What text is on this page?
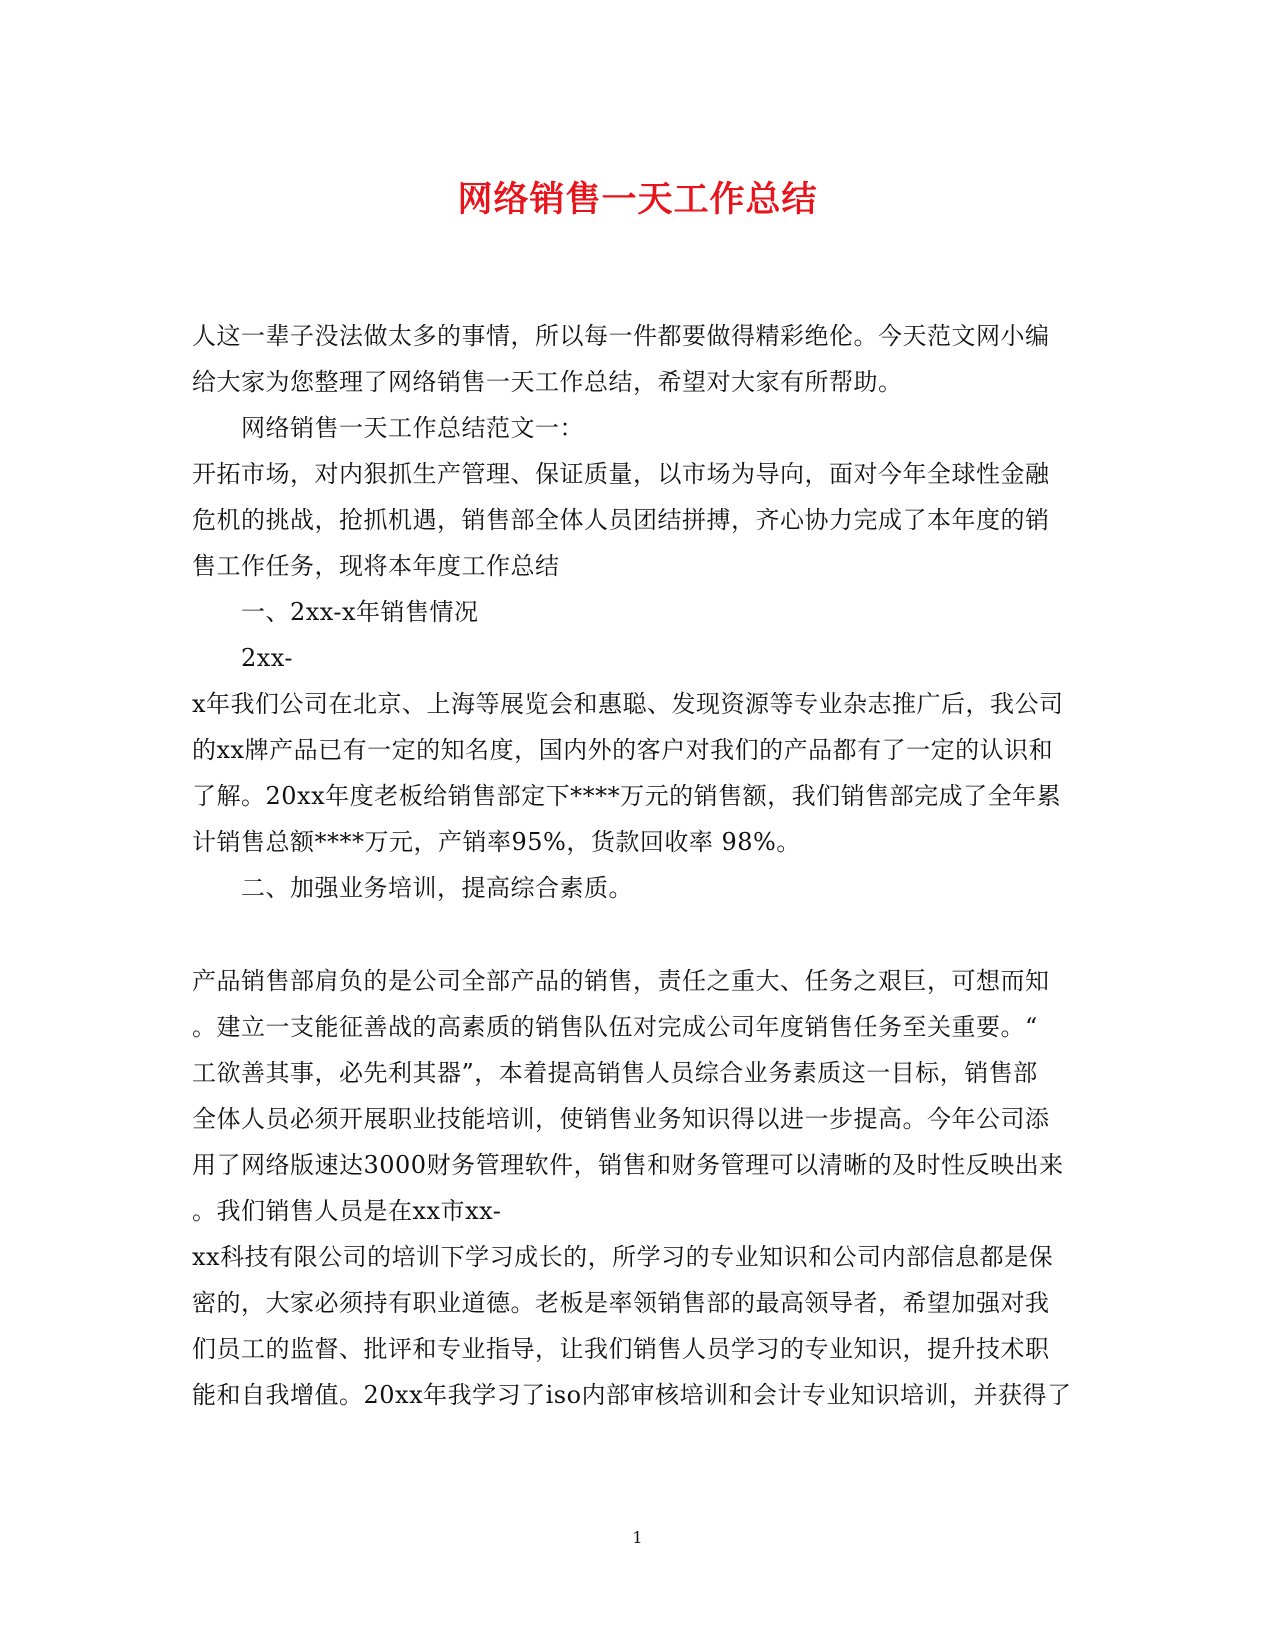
网络销售一天工作总结
人这一辈子没法做太多的事情，所以每一件都要做得精彩绝伦。今天范文网小编
给大家为您整理了网络销售一天工作总结，希望对大家有所帮助。
网络销售一天工作总结范文一：
开拓市场，对内狠抓生产管理、保证质量，以市场为导向，面对今年全球性金融
危机的挑战，抢抓机遇，销售部全体人员团结拼搏，齐心协力完成了本年度的销
售工作任务，现将本年度工作总结
一、2xx-x年销售情况
2xx-
x年我们公司在北京、上海等展览会和惠聪、发现资源等专业杂志推广后，我公司
的xx牌产品已有一定的知名度，国内外的客户对我们的产品都有了一定的认识和
了解。20xx年度老板给销售部定下****万元的销售额，我们销售部完成了全年累
计销售总额****万元，产销率95%，货款回收率 98%。
二、加强业务培训，提高综合素质。
产品销售部肩负的是公司全部产品的销售，责任之重大、任务之艰巨，可想而知
。建立一支能征善战的高素质的销售队伍对完成公司年度销售任务至关重要。“
工欲善其事，必先利其器”，本着提高销售人员综合业务素质这一目标，销售部
全体人员必须开展职业技能培训，使销售业务知识得以进一步提高。今年公司添
用了网络版速达3000财务管理软件，销售和财务管理可以清晰的及时性反映出来
。我们销售人员是在xx市xx-
xx科技有限公司的培训下学习成长的，所学习的专业知识和公司内部信息都是保
密的，大家必须持有职业道德。老板是率领销售部的最高领导者，希望加强对我
们员工的监督、批评和专业指导，让我们销售人员学习的专业知识，提升技术职
能和自我增值。20xx年我学习了iso内部审核培训和会计专业知识培训，并获得了
1
